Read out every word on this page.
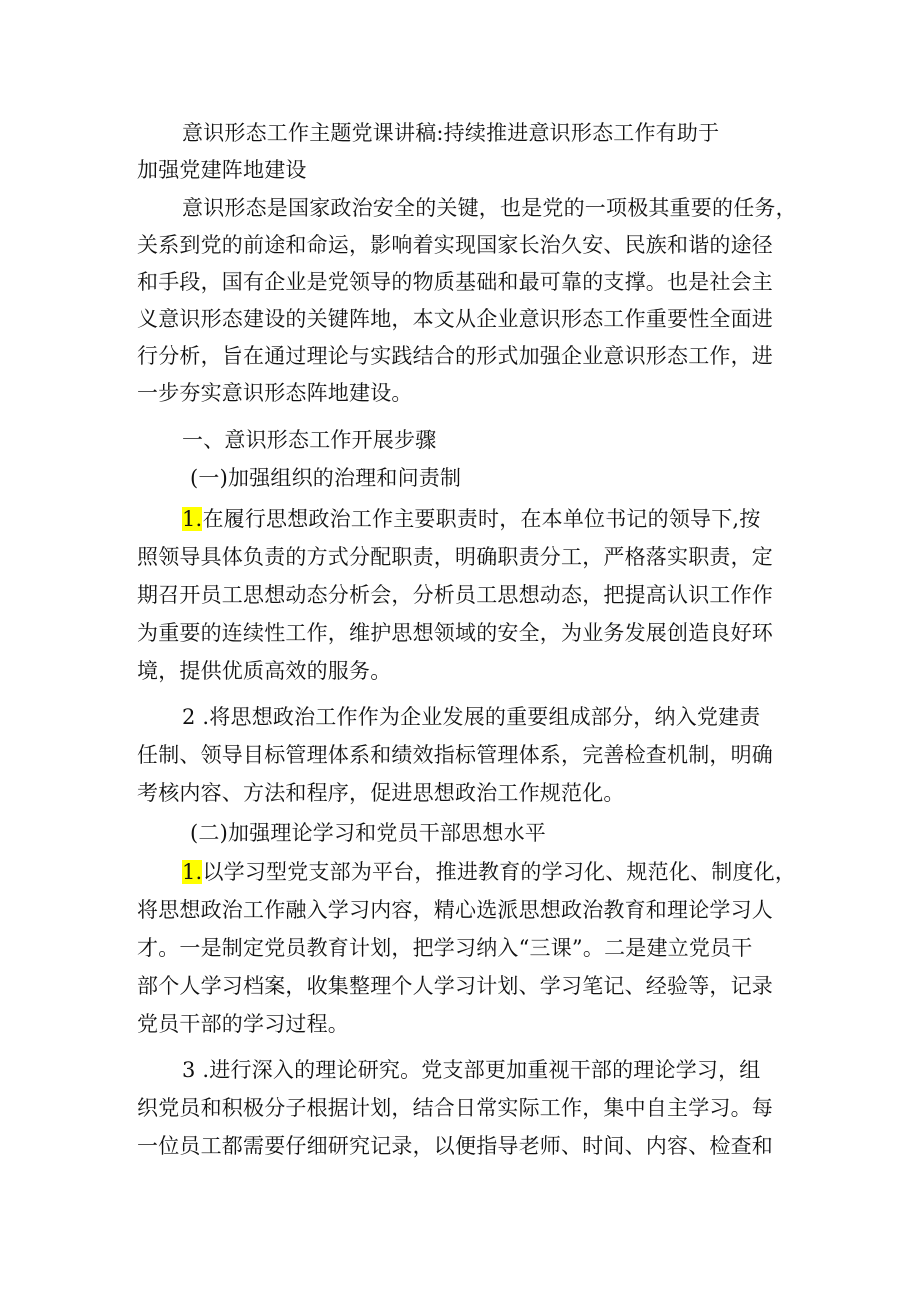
意识形态工作主题党课讲稿:持续推进意识形态工作有助于
加强党建阵地建设
意识形态是国家政治安全的关键，也是党的一项极其重要的任务，
关系到党的前途和命运，影响着实现国家长治久安、民族和谐的途径
和手段，国有企业是党领导的物质基础和最可靠的支撑。也是社会主
义意识形态建设的关键阵地，本文从企业意识形态工作重要性全面进
行分析，旨在通过理论与实践结合的形式加强企业意识形态工作，进
一步夯实意识形态阵地建设。
一、意识形态工作开展步骤
(一)加强组织的治理和问责制
1.在履行思想政治工作主要职责时，在本单位书记的领导下,按
照领导具体负责的方式分配职责，明确职责分工，严格落实职责，定
期召开员工思想动态分析会，分析员工思想动态，把提高认识工作作
为重要的连续性工作，维护思想领域的安全，为业务发展创造良好环
境，提供优质高效的服务。
2 .将思想政治工作作为企业发展的重要组成部分，纳入党建责
任制、领导目标管理体系和绩效指标管理体系，完善检查机制，明确
考核内容、方法和程序，促进思想政治工作规范化。
(二)加强理论学习和党员干部思想水平
1.以学习型党支部为平台，推进教育的学习化、规范化、制度化，
将思想政治工作融入学习内容，精心选派思想政治教育和理论学习人
才。一是制定党员教育计划，把学习纳入“三课”。二是建立党员干
部个人学习档案，收集整理个人学习计划、学习笔记、经验等，记录
党员干部的学习过程。
3 .进行深入的理论研究。党支部更加重视干部的理论学习，组
织党员和积极分子根据计划，结合日常实际工作，集中自主学习。每
一位员工都需要仔细研究记录，以便指导老师、时间、内容、检查和
